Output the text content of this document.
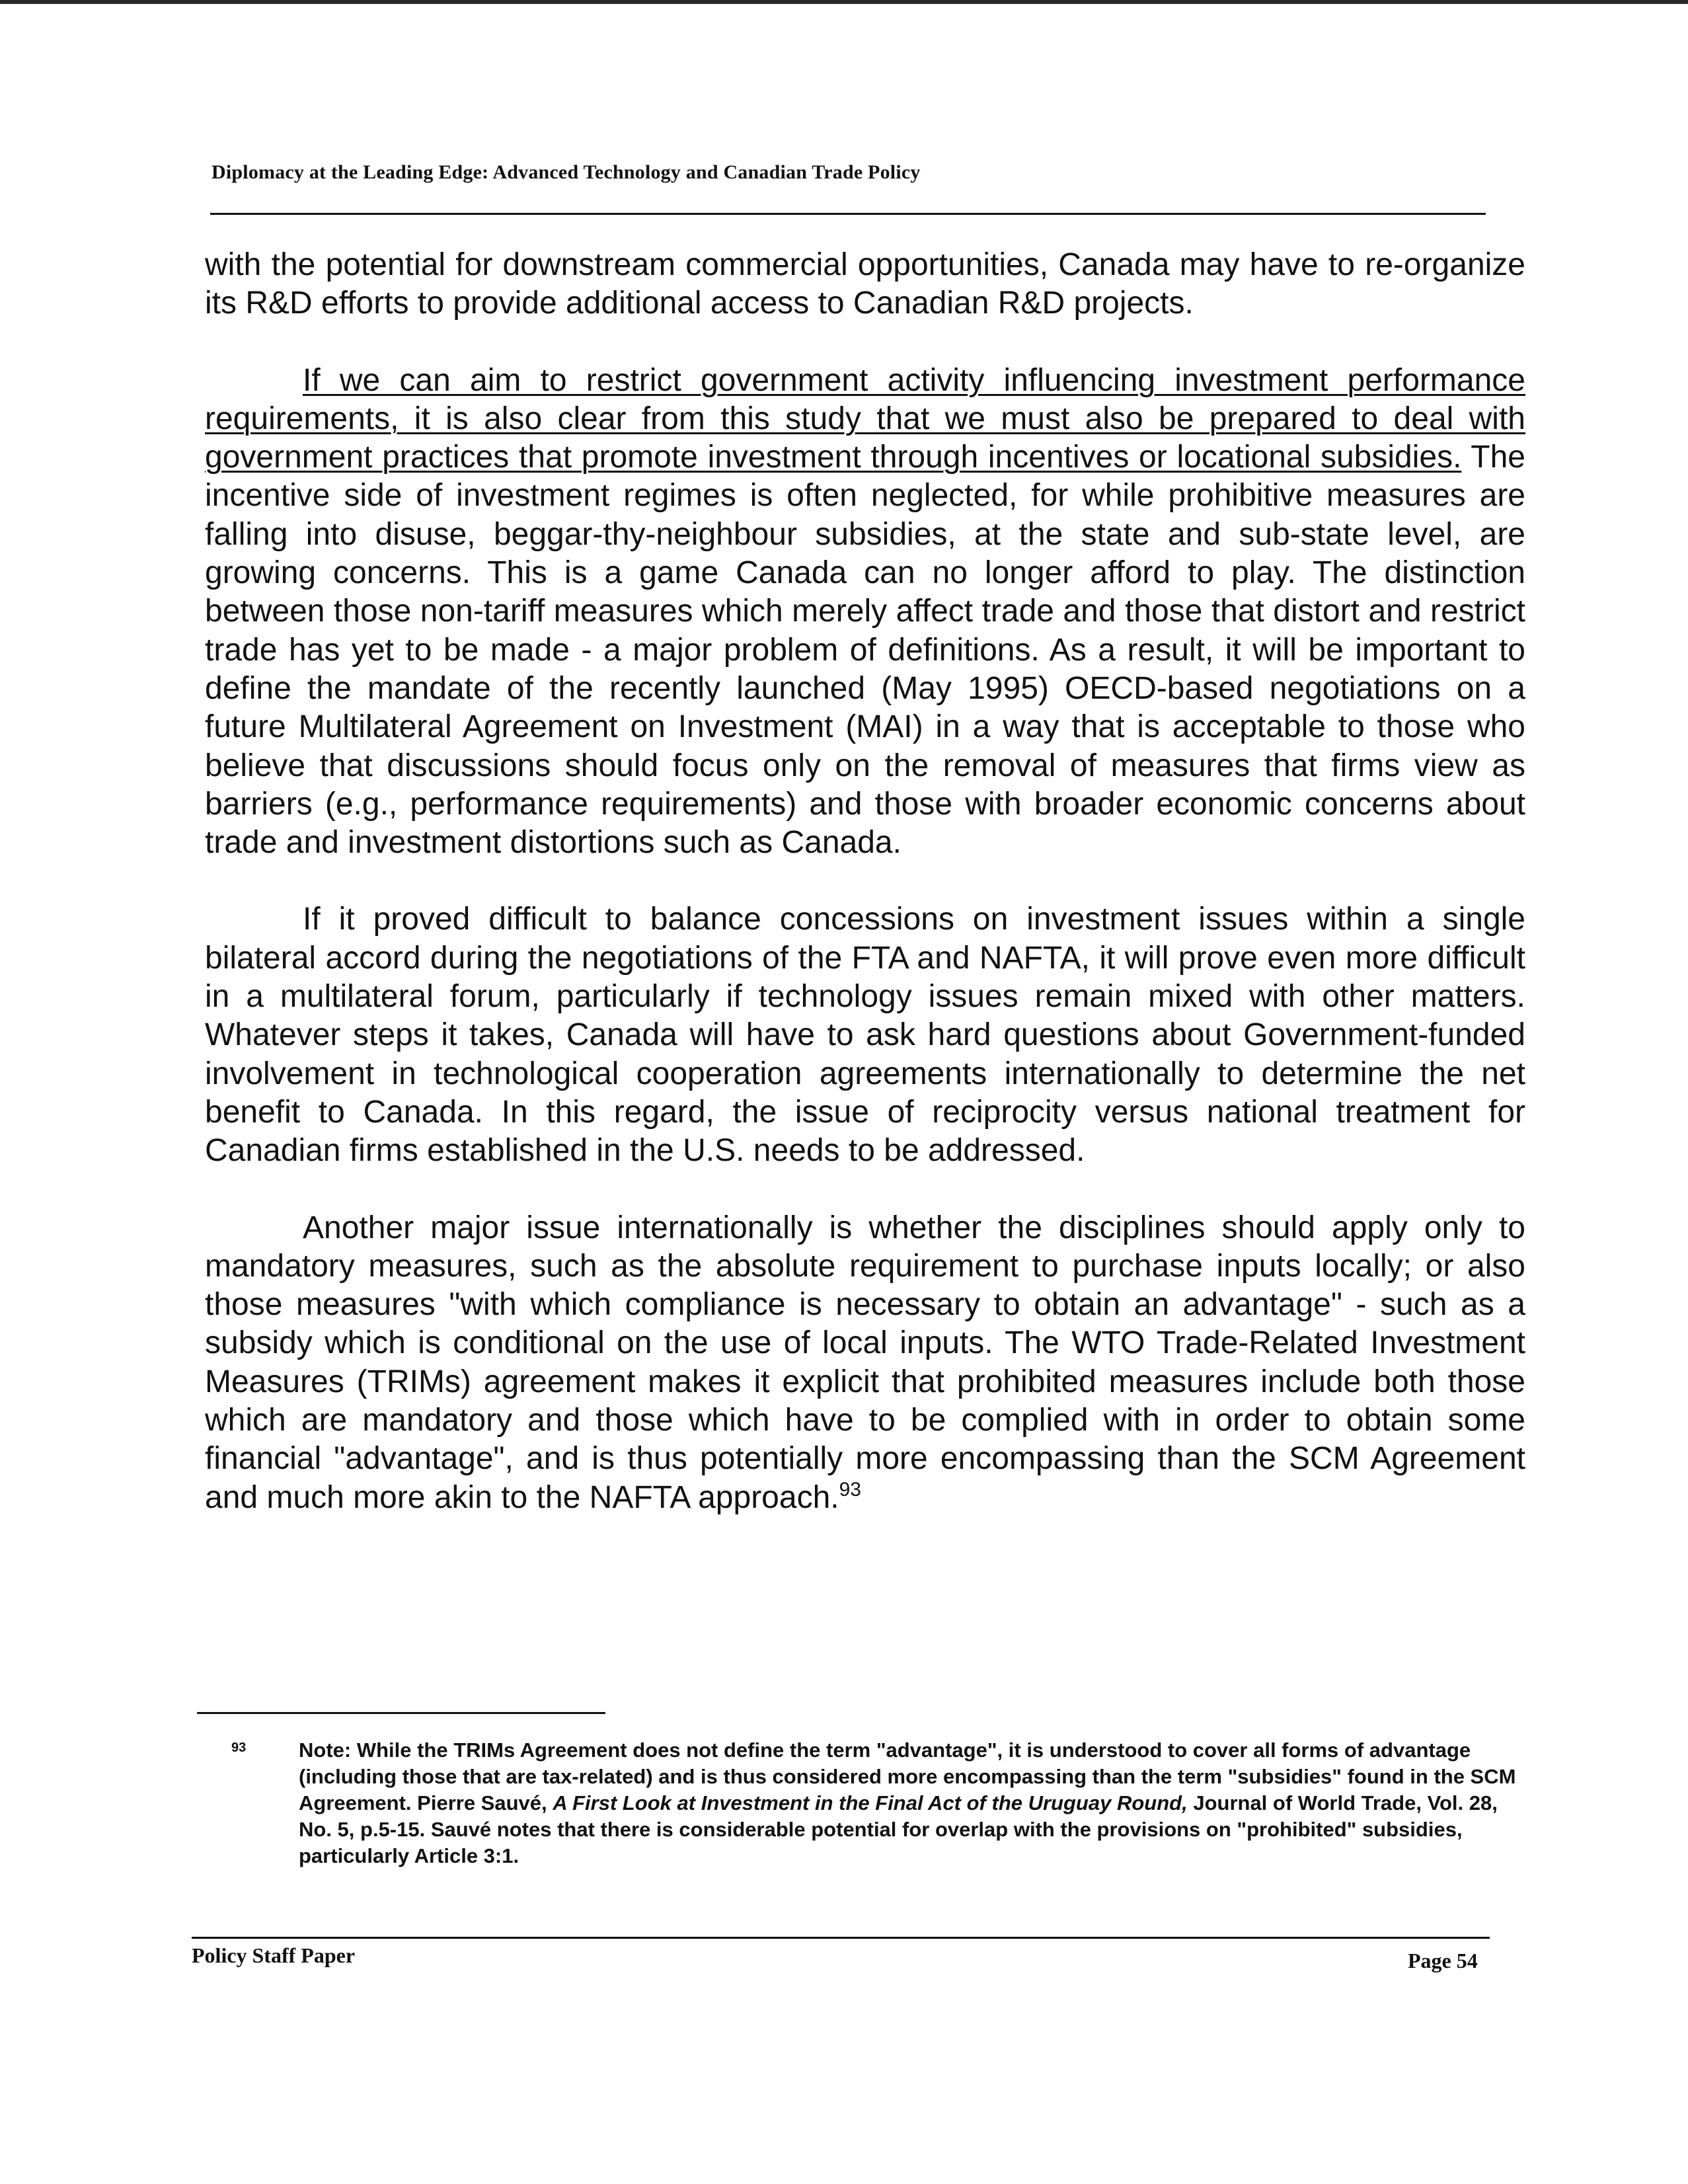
Diplomacy at the Leading Edge: Advanced Technology and Canadian Trade Policy

with the potential for downstream commercial opportunities, Canada may have to re-organize its R&D efforts to provide additional access to Canadian R&D projects.

If we can aim to restrict government activity influencing investment performance requirements, it is also clear from this study that we must also be prepared to deal with government practices that promote investment through incentives or locational subsidies. The incentive side of investment regimes is often neglected, for while prohibitive measures are falling into disuse, beggar-thy-neighbour subsidies, at the state and sub-state level, are growing concerns. This is a game Canada can no longer afford to play. The distinction between those non-tariff measures which merely affect trade and those that distort and restrict trade has yet to be made - a major problem of definitions. As a result, it will be important to define the mandate of the recently launched (May 1995) OECD-based negotiations on a future Multilateral Agreement on Investment (MAI) in a way that is acceptable to those who believe that discussions should focus only on the removal of measures that firms view as barriers (e.g., performance requirements) and those with broader economic concerns about trade and investment distortions such as Canada.

If it proved difficult to balance concessions on investment issues within a single bilateral accord during the negotiations of the FTA and NAFTA, it will prove even more difficult in a multilateral forum, particularly if technology issues remain mixed with other matters. Whatever steps it takes, Canada will have to ask hard questions about Government-funded involvement in technological cooperation agreements internationally to determine the net benefit to Canada. In this regard, the issue of reciprocity versus national treatment for Canadian firms established in the U.S. needs to be addressed.

Another major issue internationally is whether the disciplines should apply only to mandatory measures, such as the absolute requirement to purchase inputs locally; or also those measures "with which compliance is necessary to obtain an advantage" - such as a subsidy which is conditional on the use of local inputs. The WTO Trade-Related Investment Measures (TRIMs) agreement makes it explicit that prohibited measures include both those which are mandatory and those which have to be complied with in order to obtain some financial "advantage", and is thus potentially more encompassing than the SCM Agreement and much more akin to the NAFTA approach.$^{93}$

93	Note: While the TRIMs Agreement does not define the term "advantage", it is understood to cover all forms of advantage (including those that are tax-related) and is thus considered more encompassing than the term "subsidies" found in the SCM Agreement. Pierre Sauvé, A First Look at Investment in the Final Act of the Uruguay Round, Journal of World Trade, Vol. 28, No. 5, p.5-15. Sauvé notes that there is considerable potential for overlap with the provisions on "prohibited" subsidies, particularly Article 3:1.
Policy Staff Paper	Page 54
